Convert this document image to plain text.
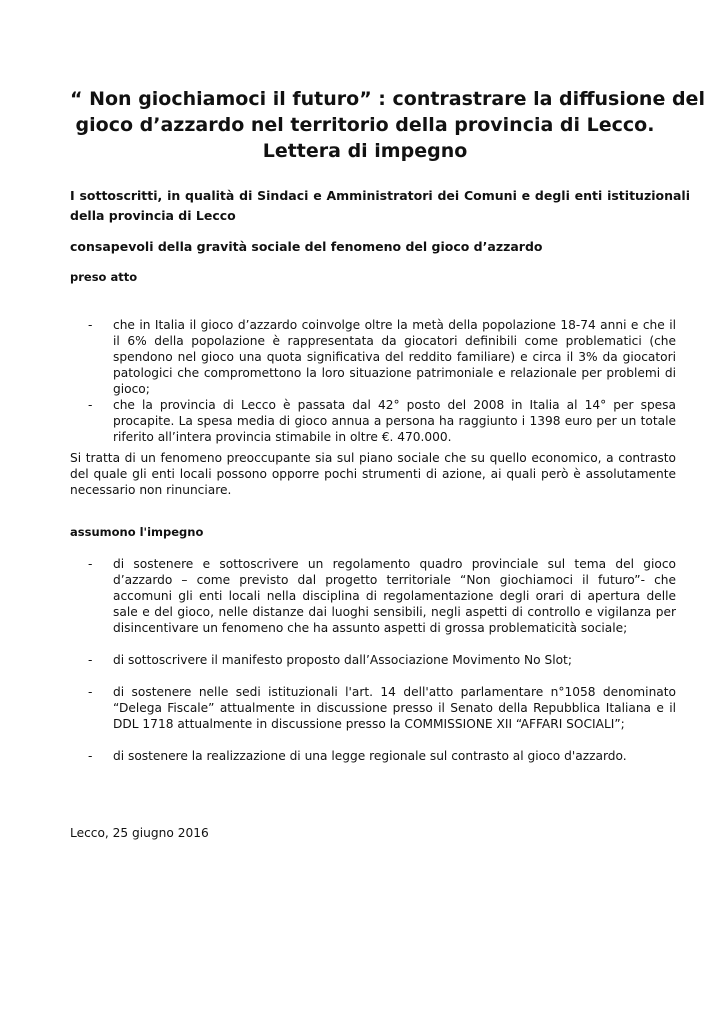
“ Non giochiamoci il futuro” : contrastrare la diffusione del
gioco d’azzardo nel territorio della provincia di Lecco.
Lettera di impegno
I sottoscritti, in qualità di Sindaci e Amministratori dei Comuni e degli enti istituzionali della provincia di Lecco
consapevoli della gravità sociale del fenomeno del gioco d’azzardo
preso atto
- che in Italia il gioco d’azzardo coinvolge oltre la metà della popolazione 18-74 anni e che il il 6% della popolazione è rappresentata da giocatori definibili come problematici (che spendono nel gioco una quota significativa del reddito familiare) e circa il 3% da giocatori patologici che compromettono la loro situazione patrimoniale e relazionale per problemi di gioco;
- che la provincia di Lecco è passata dal 42° posto del 2008 in Italia al 14° per spesa procapite. La spesa media di gioco annua a persona ha raggiunto i 1398 euro per un totale riferito all’intera provincia stimabile in oltre €. 470.000.
Si tratta di un fenomeno preoccupante sia sul piano sociale che su quello economico, a contrasto del quale gli enti locali possono opporre pochi strumenti di azione, ai quali però è assolutamente necessario non rinunciare.
assumono l'impegno
- di sostenere e sottoscrivere un regolamento quadro provinciale sul tema del gioco d’azzardo – come previsto dal progetto territoriale “Non giochiamoci il futuro”- che accomuni gli enti locali nella disciplina di regolamentazione degli orari di apertura delle sale e del gioco, nelle distanze dai luoghi sensibili, negli aspetti di controllo e vigilanza per disincentivare un fenomeno che ha assunto aspetti di grossa problematicità sociale;
- di sottoscrivere il manifesto proposto dall’Associazione Movimento No Slot;
- di sostenere nelle sedi istituzionali l'art. 14 dell'atto parlamentare n°1058 denominato “Delega Fiscale” attualmente in discussione presso il Senato della Repubblica Italiana e il DDL 1718 attualmente in discussione presso la COMMISSIONE XII “AFFARI SOCIALI”;
- di sostenere la realizzazione di una legge regionale sul contrasto al gioco d'azzardo.
Lecco, 25 giugno 2016
